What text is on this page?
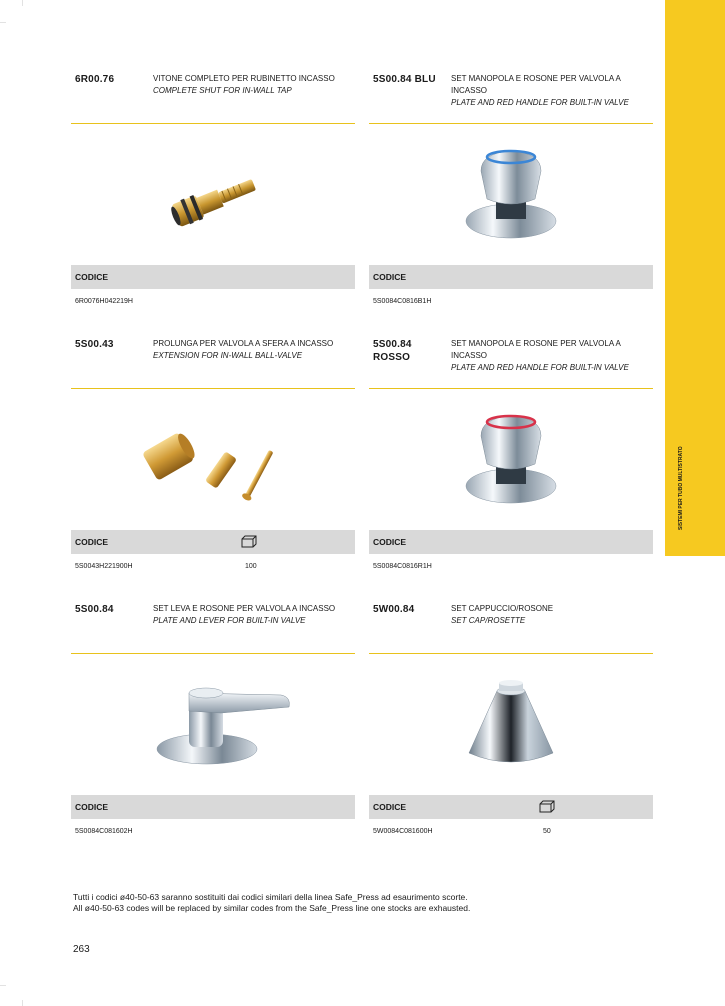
SISTEMI PER TUBO MULTISTRATO
6R00.76	VITONE COMPLETO PER RUBINETTO INCASSO
COMPLETE SHUT FOR IN-WALL TAP
CODICE
6R0076H042219H
5S00.84 BLU	SET MANOPOLA E ROSONE PER VALVOLA A INCASSO
PLATE AND RED HANDLE FOR BUILT-IN VALVE
CODICE
5S0084C0816B1H
5S00.43	PROLUNGA PER VALVOLA A SFERA A INCASSO
EXTENSION FOR IN-WALL BALL-VALVE
CODICE
5S0043H221900H	100
5S00.84 ROSSO
SET MANOPOLA E ROSONE PER VALVOLA A INCASSO
PLATE AND RED HANDLE FOR BUILT-IN VALVE
CODICE
5S0084C0816R1H
5S00.84	SET LEVA E ROSONE PER VALVOLA A INCASSO
PLATE AND LEVER FOR BUILT-IN VALVE
CODICE
5S0084C081602H
5W00.84	SET CAPPUCCIO/ROSONE
SET CAP/ROSETTE
CODICE
5W0084C081600H	50
Tutti i codici ø40-50-63 saranno sostituiti dai codici similari della linea Safe_Press ad esaurimento scorte.
All ø40-50-63 codes will be replaced by similar codes from the Safe_Press line one stocks are exhausted.
263
